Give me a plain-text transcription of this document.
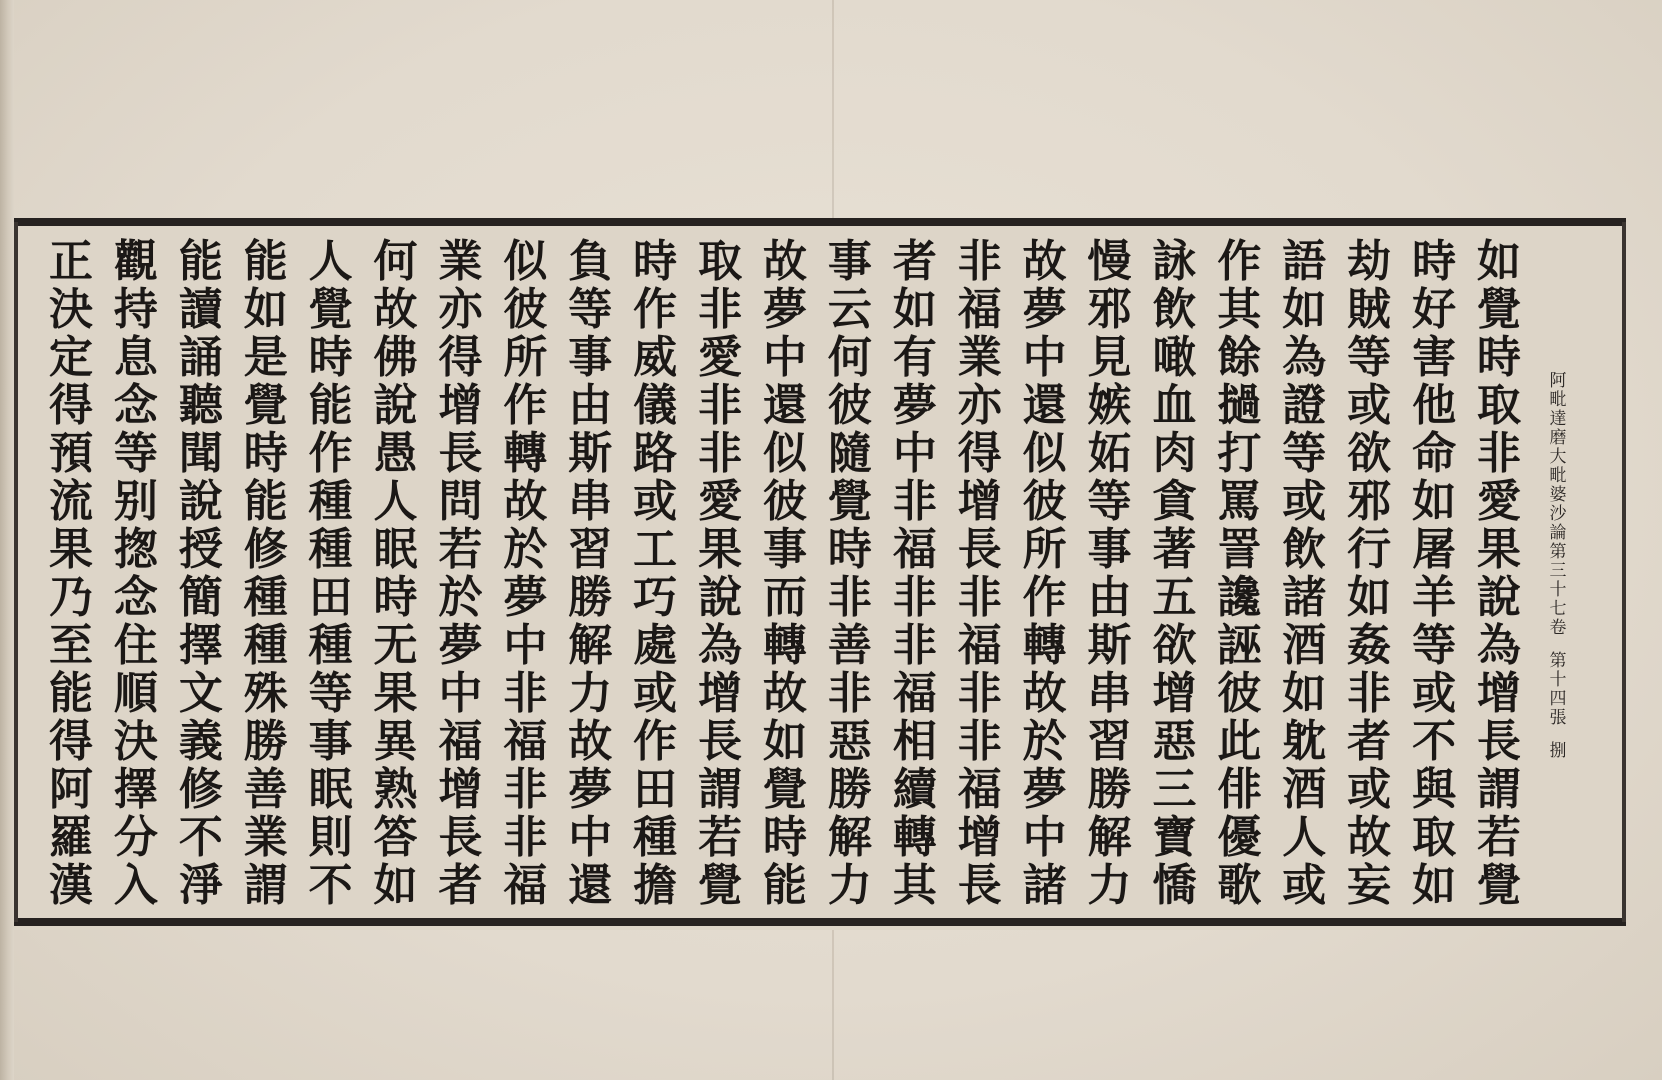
如
覺
時
取
非
愛
果
說
為
增
長
謂
若
覺
時
好
害
他
命
如
屠
羊
等
或
不
與
取
如
劫
賊
等
或
欲
邪
行
如
姦
非
者
或
故
妄
語
如
為
證
等
或
飲
諸
酒
如
躭
酒
人
或
作
其
餘
撾
打
罵
詈
讒
誣
彼
此
俳
優
歌
詠
飲
噉
血
肉
貪
著
五
欲
增
惡
三
寶
憍
慢
邪
見
嫉
妬
等
事
由
斯
串
習
勝
解
力
故
夢
中
還
似
彼
所
作
轉
故
於
夢
中
諸
非
福
業
亦
得
增
長
非
福
非
非
福
增
長
者
如
有
夢
中
非
福
非
非
福
相
續
轉
其
事
云
何
彼
隨
覺
時
非
善
非
惡
勝
解
力
故
夢
中
還
似
彼
事
而
轉
故
如
覺
時
能
取
非
愛
非
非
愛
果
說
為
增
長
謂
若
覺
時
作
威
儀
路
或
工
巧
處
或
作
田
種
擔
負
等
事
由
斯
串
習
勝
解
力
故
夢
中
還
似
彼
所
作
轉
故
於
夢
中
非
福
非
非
福
業
亦
得
增
長
問
若
於
夢
中
福
增
長
者
何
故
佛
說
愚
人
眠
時
无
果
異
熟
答
如
人
覺
時
能
作
種
種
田
種
等
事
眠
則
不
能
如
是
覺
時
能
修
種
種
殊
勝
善
業
謂
能
讀
誦
聽
聞
說
授
簡
擇
文
義
修
不
淨
觀
持
息
念
等
别
揔
念
住
順
決
擇
分
入
正
決
定
得
預
流
果
乃
至
能
得
阿
羅
漢
阿
毗
達
磨
大
毗
婆
沙
論
第
三
十
七
卷
第
十
四
張
捌
